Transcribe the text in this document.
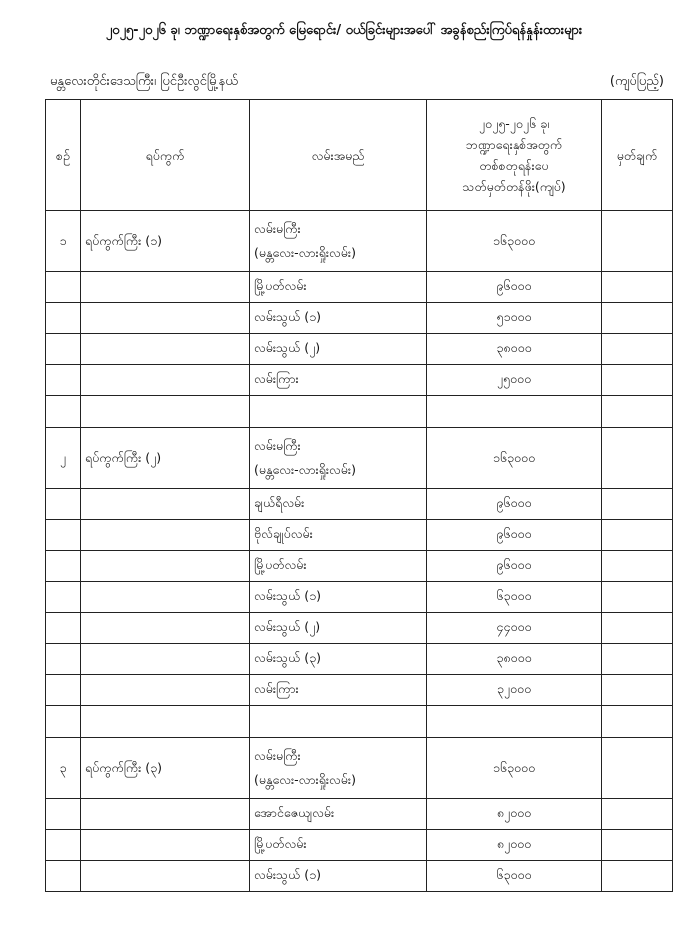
၂၀၂၅-၂၀၂၆ ခု၊ ဘဏ္ဍာရေးနှစ်အတွက် မြေရောင်း/ ဝယ်ခြင်းများအပေါ် အခွန်စည်းကြပ်ရန်နှုန်းထားများ
မန္တလေးတိုင်းဒေသကြီး၊ ပြင်ဦးလွင်မြို့နယ်	(ကျပ်ပြည့်)
စဉ်	ရပ်ကွက်	လမ်းအမည်	၂၀၂၅-၂၀၂၆ ခု၊
ဘဏ္ဍာရေးနှစ်အတွက်
တစ်စတုရန်းပေ
သတ်မှတ်တန်ဖိုး(ကျပ်)	မှတ်ချက်
၁	ရပ်ကွက်ကြီး (၁)	လမ်းမကြီး
(မန္တလေး-လားရှိုးလမ်း)	၁၆၃၀၀၀	

		မြို့ပတ်လမ်း	၉၆၀၀၀	

		လမ်းသွယ် (၁)	၅၁၀၀၀	

		လမ်းသွယ် (၂)	၃၈၀၀၀	

		လမ်းကြား	၂၅၀၀၀	

၂	ရပ်ကွက်ကြီး (၂)	လမ်းမကြီး
(မန္တလေး-လားရှိုးလမ်း)	၁၆၃၀၀၀	

		ချယ်ရီလမ်း	၉၆၀၀၀	

		ဗိုလ်ချုပ်လမ်း	၉၆၀၀၀	

		မြို့ပတ်လမ်း	၉၆၀၀၀	

		လမ်းသွယ် (၁)	၆၃၀၀၀	

		လမ်းသွယ် (၂)	၄၄၀၀၀	

		လမ်းသွယ် (၃)	၃၈၀၀၀	

		လမ်းကြား	၃၂၀၀၀	

၃	ရပ်ကွက်ကြီး (၃)	လမ်းမကြီး
(မန္တလေး-လားရှိုးလမ်း)	၁၆၃၀၀၀	

		အောင်ဇေယျလမ်း	၈၂၀၀၀	

		မြို့ပတ်လမ်း	၈၂၀၀၀	

		လမ်းသွယ် (၁)	၆၃၀၀၀	
